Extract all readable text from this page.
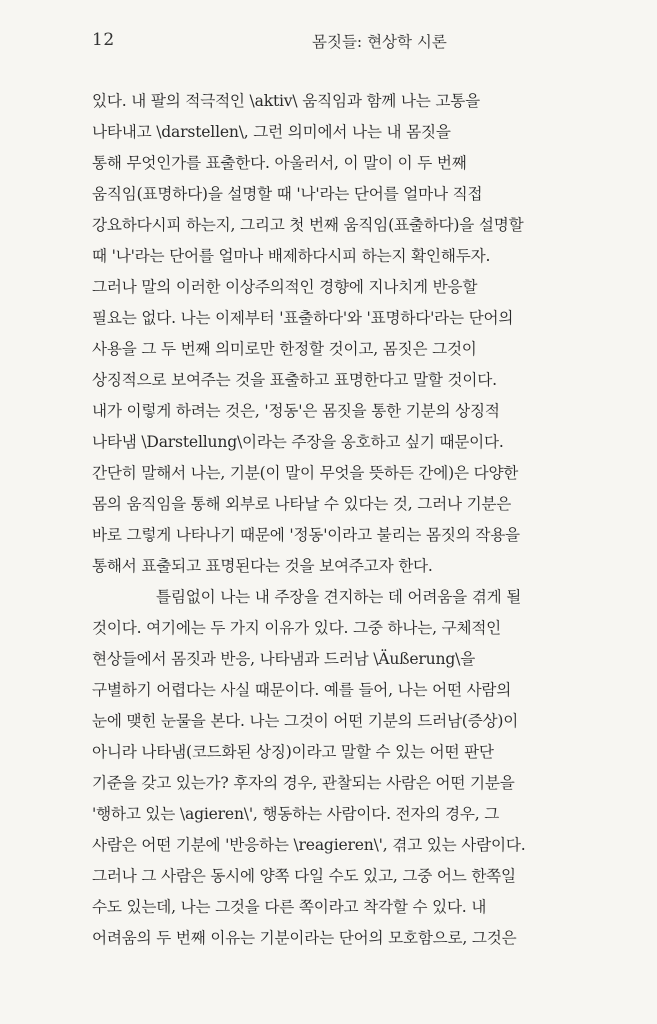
12	몸짓들: 현상학 시론
있다. 내 팔의 적극적인 \aktiv\ 움직임과 함께 나는 고통을
나타내고 \darstellen\, 그런 의미에서 나는 내 몸짓을
통해 무엇인가를 표출한다. 아울러서, 이 말이 이 두 번째
움직임(표명하다)을 설명할 때 '나'라는 단어를 얼마나 직접
강요하다시피 하는지, 그리고 첫 번째 움직임(표출하다)을 설명할
때 '나'라는 단어를 얼마나 배제하다시피 하는지 확인해두자.
그러나 말의 이러한 이상주의적인 경향에 지나치게 반응할
필요는 없다. 나는 이제부터 '표출하다'와 '표명하다'라는 단어의
사용을 그 두 번째 의미로만 한정할 것이고, 몸짓은 그것이
상징적으로 보여주는 것을 표출하고 표명한다고 말할 것이다.
내가 이렇게 하려는 것은, '정동'은 몸짓을 통한 기분의 상징적
나타냄 \Darstellung\이라는 주장을 옹호하고 싶기 때문이다.
간단히 말해서 나는, 기분(이 말이 무엇을 뜻하든 간에)은 다양한
몸의 움직임을 통해 외부로 나타날 수 있다는 것, 그러나 기분은
바로 그렇게 나타나기 때문에 '정동'이라고 불리는 몸짓의 작용을
통해서 표출되고 표명된다는 것을 보여주고자 한다.
틀림없이 나는 내 주장을 견지하는 데 어려움을 겪게 될
것이다. 여기에는 두 가지 이유가 있다. 그중 하나는, 구체적인
현상들에서 몸짓과 반응, 나타냄과 드러남 \Äußerung\을
구별하기 어렵다는 사실 때문이다. 예를 들어, 나는 어떤 사람의
눈에 맺힌 눈물을 본다. 나는 그것이 어떤 기분의 드러남(증상)이
아니라 나타냄(코드화된 상징)이라고 말할 수 있는 어떤 판단
기준을 갖고 있는가? 후자의 경우, 관찰되는 사람은 어떤 기분을
'행하고 있는 \agieren\', 행동하는 사람이다. 전자의 경우, 그
사람은 어떤 기분에 '반응하는 \reagieren\', 겪고 있는 사람이다.
그러나 그 사람은 동시에 양쪽 다일 수도 있고, 그중 어느 한쪽일
수도 있는데, 나는 그것을 다른 쪽이라고 착각할 수 있다. 내
어려움의 두 번째 이유는 기분이라는 단어의 모호함으로, 그것은
